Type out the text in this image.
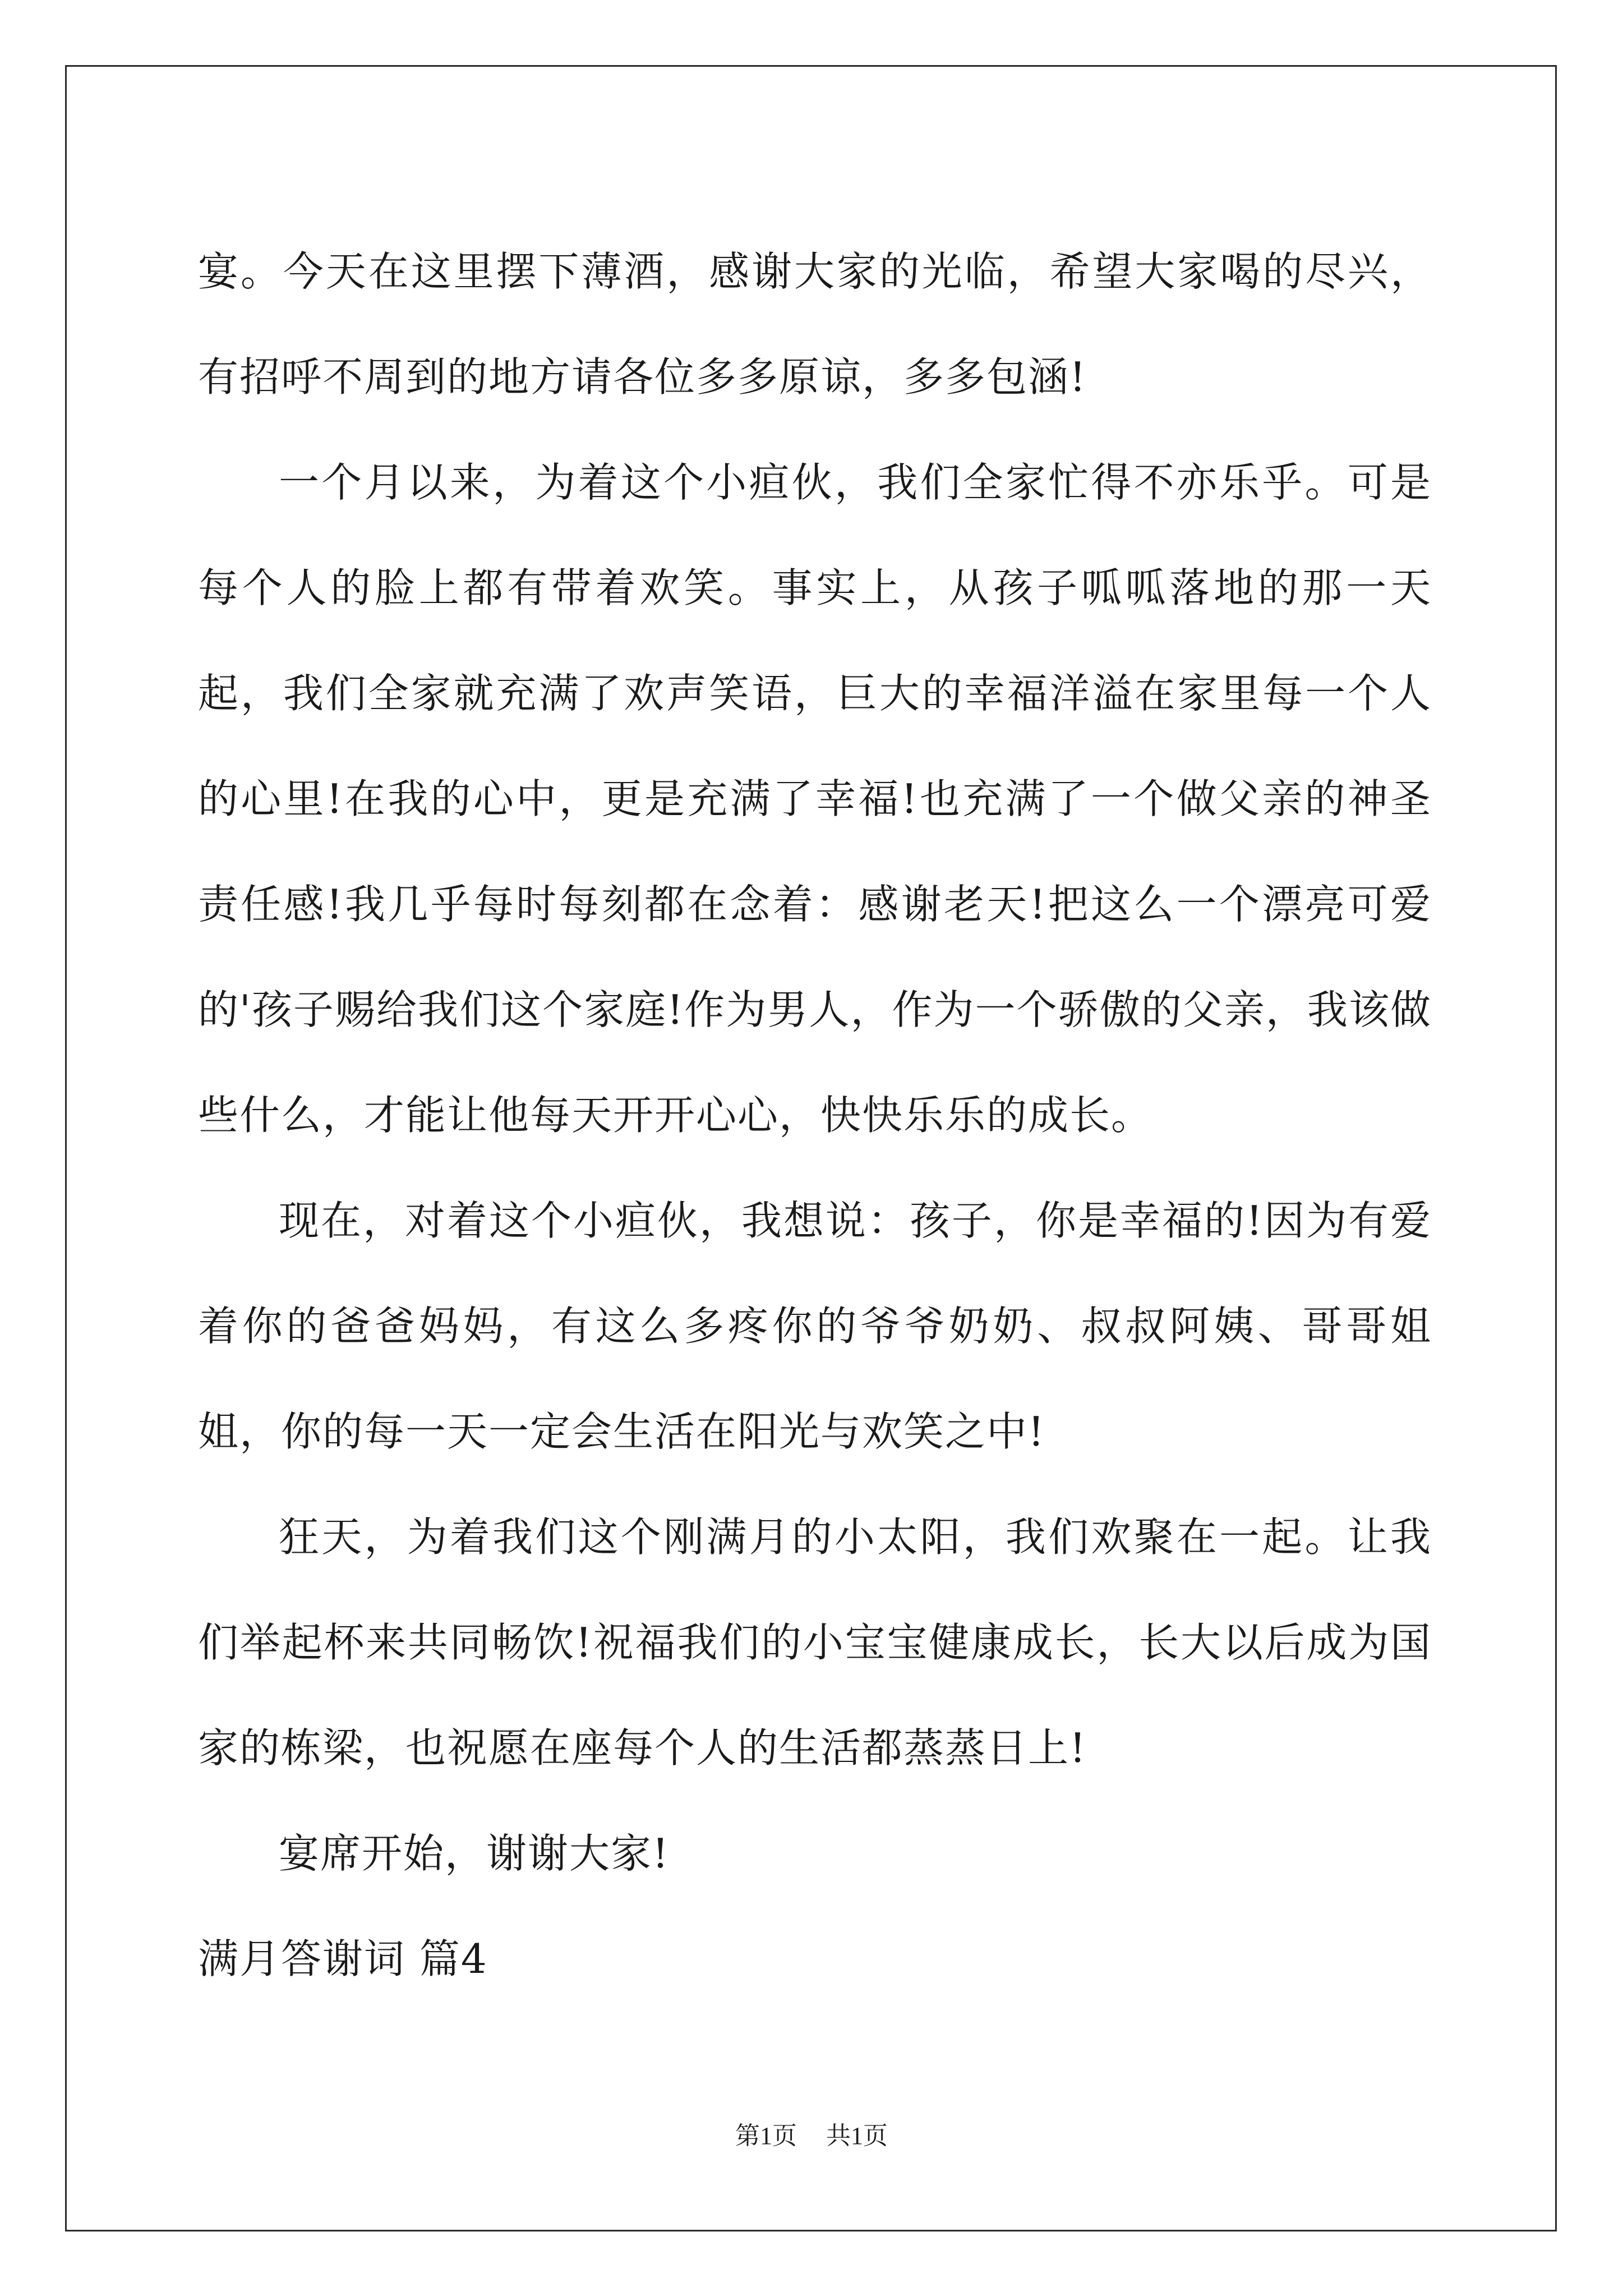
宴。今天在这里摆下薄酒，感谢大家的光临，希望大家喝的尽兴，有招呼不周到的地方请各位多多原谅，多多包涵!

一个月以来，为着这个小疸伙，我们全家忙得不亦乐乎。可是每个人的脸上都有带着欢笑。事实上，从孩子呱呱落地的那一天起，我们全家就充满了欢声笑语，巨大的幸福洋溢在家里每一个人的心里!在我的心中，更是充满了幸福!也充满了一个做父亲的神圣责任感!我几乎每时每刻都在念着：感谢老天!把这么一个漂亮可爱的'孩子赐给我们这个家庭!作为男人，作为一个骄傲的父亲，我该做些什么，才能让他每天开开心心，快快乐乐的成长。

现在，对着这个小疸伙，我想说：孩子，你是幸福的!因为有爱着你的爸爸妈妈，有这么多疼你的爷爷奶奶、叔叔阿姨、哥哥姐姐，你的每一天一定会生活在阳光与欢笑之中!

狂天，为着我们这个刚满月的小太阳，我们欢聚在一起。让我们举起杯来共同畅饮!祝福我们的小宝宝健康成长，长大以后成为国家的栋梁，也祝愿在座每个人的生活都蒸蒸日上!

宴席开始，谢谢大家!

满月答谢词 篇4

第1页 共1页
